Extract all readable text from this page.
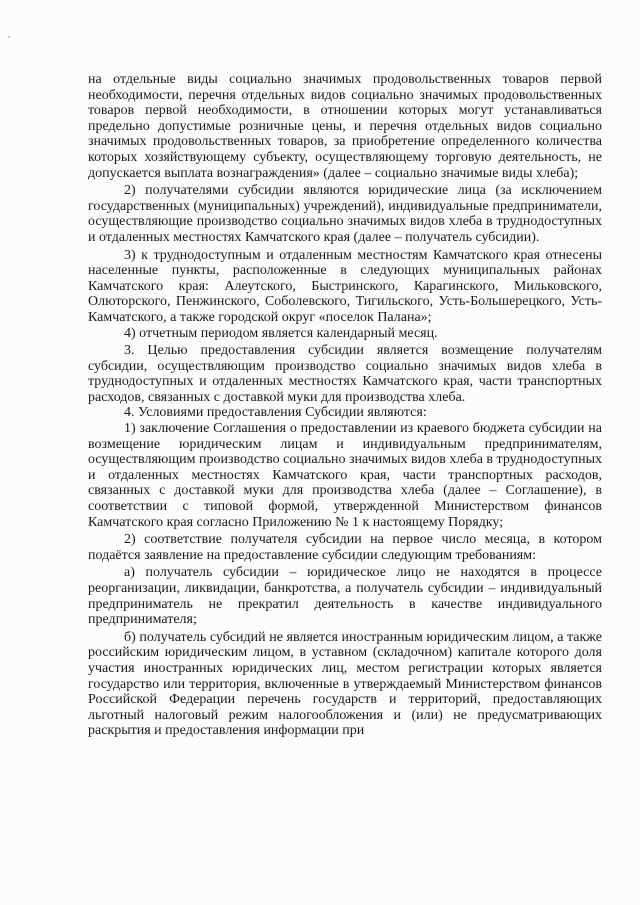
на отдельные виды социально значимых продовольственных товаров первой необходимости, перечня отдельных видов социально значимых продовольственных товаров первой необходимости, в отношении которых могут устанавливаться предельно допустимые розничные цены, и перечня отдельных видов социально значимых продовольственных товаров, за приобретение определенного количества которых хозяйствующему субъекту, осуществляющему торговую деятельность, не допускается выплата вознаграждения» (далее – социально значимые виды хлеба);

2) получателями субсидии являются юридические лица (за исключением государственных (муниципальных) учреждений), индивидуальные предприниматели, осуществляющие производство социально значимых видов хлеба в труднодоступных и отдаленных местностях Камчатского края (далее – получатель субсидии).

3) к труднодоступным и отдаленным местностям Камчатского края отнесены населенные пункты, расположенные в следующих муниципальных районах Камчатского края: Алеутского, Быстринского, Карагинского, Мильковского, Олюторского, Пенжинского, Соболевского, Тигильского, Усть-Большерецкого, Усть-Камчатского, а также городской округ «поселок Палана»;

4) отчетным периодом является календарный месяц.

3. Целью предоставления субсидии является возмещение получателям субсидии, осуществляющим производство социально значимых видов хлеба в труднодоступных и отдаленных местностях Камчатского края, части транспортных расходов, связанных с доставкой муки для производства хлеба.

4. Условиями предоставления Субсидии являются:

1) заключение Соглашения о предоставлении из краевого бюджета субсидии на возмещение юридическим лицам и индивидуальным предпринимателям, осуществляющим производство социально значимых видов хлеба в труднодоступных и отдаленных местностях Камчатского края, части транспортных расходов, связанных с доставкой муки для производства хлеба (далее – Соглашение), в соответствии с типовой формой, утвержденной Министерством финансов Камчатского края согласно Приложению № 1 к настоящему Порядку;

2) соответствие получателя субсидии на первое число месяца, в котором подаётся заявление на предоставление субсидии следующим требованиям:

а) получатель субсидии – юридическое лицо не находятся в процессе реорганизации, ликвидации, банкротства, а получатель субсидии – индивидуальный предприниматель не прекратил деятельность в качестве индивидуального предпринимателя;

б) получатель субсидий не является иностранным юридическим лицом, а также российским юридическим лицом, в уставном (складочном) капитале которого доля участия иностранных юридических лиц, местом регистрации которых является государство или территория, включенные в утверждаемый Министерством финансов Российской Федерации перечень государств и территорий, предоставляющих льготный налоговый режим налогообложения и (или) не предусматривающих раскрытия и предоставления информации при
